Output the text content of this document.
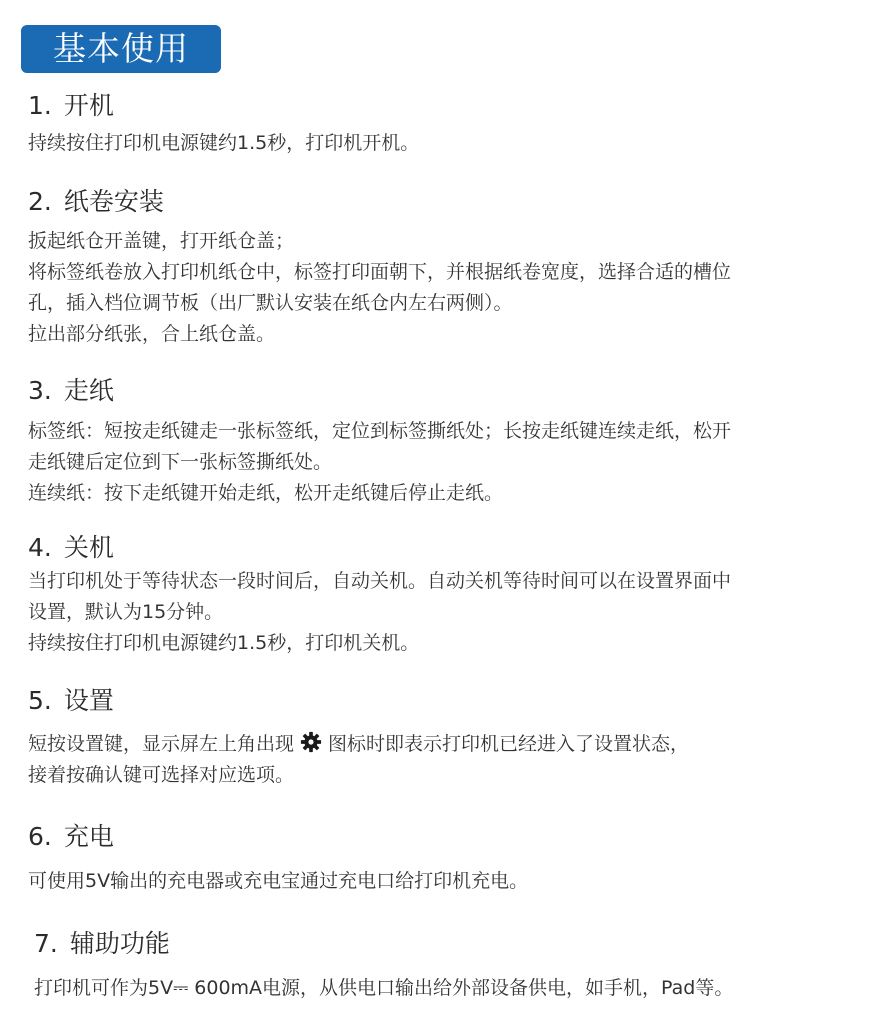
基本使用
1. 开机
持续按住打印机电源键约1.5秒，打印机开机。
2. 纸卷安装
扳起纸仓开盖键，打开纸仓盖；
将标签纸卷放入打印机纸仓中，标签打印面朝下，并根据纸卷宽度，选择合适的槽位
孔，插入档位调节板（出厂默认安装在纸仓内左右两侧）。
拉出部分纸张，合上纸仓盖。
3. 走纸
标签纸：短按走纸键走一张标签纸，定位到标签撕纸处；长按走纸键连续走纸，松开
走纸键后定位到下一张标签撕纸处。
连续纸：按下走纸键开始走纸，松开走纸键后停止走纸。
4. 关机
当打印机处于等待状态一段时间后，自动关机。自动关机等待时间可以在设置界面中
设置，默认为15分钟。
持续按住打印机电源键约1.5秒，打印机关机。
5. 设置
短按设置键，显示屏左上角出现 图标时即表示打印机已经进入了设置状态，
接着按确认键可选择对应选项。
6. 充电
可使用5V输出的充电器或充电宝通过充电口给打印机充电。
7. 辅助功能
打印机可作为5V⎓ 600mA电源，从供电口输出给外部设备供电，如手机，Pad等。
